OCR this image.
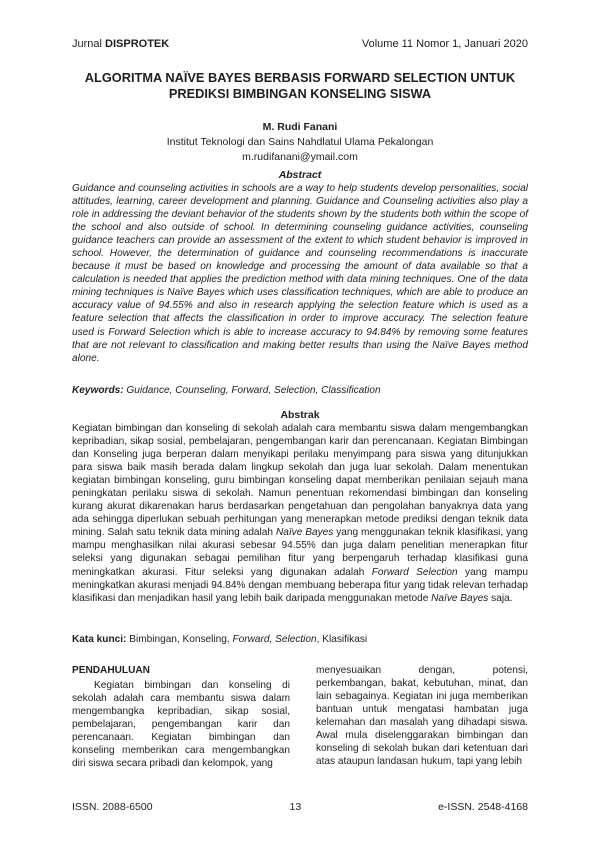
Jurnal DISPROTEK	Volume 11 Nomor 1, Januari 2020
ALGORITMA NAÏVE BAYES BERBASIS FORWARD SELECTION UNTUK
PREDIKSI BIMBINGAN KONSELING SISWA
M. Rudi Fanani
Institut Teknologi dan Sains Nahdlatul Ulama Pekalongan
m.rudifanani@ymail.com
Abstract

Guidance and counseling activities in schools are a way to help students develop personalities, social attitudes, learning, career development and planning. Guidance and Counseling activities also play a role in addressing the deviant behavior of the students shown by the students both within the scope of the school and also outside of school. In determining counseling guidance activities, counseling guidance teachers can provide an assessment of the extent to which student behavior is improved in school. However, the determination of guidance and counseling recommendations is inaccurate because it must be based on knowledge and processing the amount of data available so that a calculation is needed that applies the prediction method with data mining techniques. One of the data mining techniques is Naïve Bayes which uses classification techniques, which are able to produce an accuracy value of 94.55% and also in research applying the selection feature which is used as a feature selection that affects the classification in order to improve accuracy. The selection feature used is Forward Selection which is able to increase accuracy to 94.84% by removing some features that are not relevant to classification and making better results than using the Naïve Bayes method alone.

Keywords: Guidance, Counseling, Forward, Selection, Classification

Abstrak

Kegiatan bimbingan dan konseling di sekolah adalah cara membantu siswa dalam mengembangkan kepribadian, sikap sosial, pembelajaran, pengembangan karir dan perencanaan. Kegiatan Bimbingan dan Konseling juga berperan dalam menyikapi perilaku menyimpang para siswa yang ditunjukkan para siswa baik masih berada dalam lingkup sekolah dan juga luar sekolah. Dalam menentukan kegiatan bimbingan konseling, guru bimbingan konseling dapat memberikan penilaian sejauh mana peningkatan perilaku siswa di sekolah. Namun penentuan rekomendasi bimbingan dan konseling kurang akurat dikarenakan harus berdasarkan pengetahuan dan pengolahan banyaknya data yang ada sehingga diperlukan sebuah perhitungan yang menerapkan metode prediksi dengan teknik data mining. Salah satu teknik data mining adalah Naïve Bayes yang menggunakan teknik klasifikasi, yang mampu menghasilkan nilai akurasi sebesar 94.55% dan juga dalam penelitian menerapkan fitur seleksi yang digunakan sebagai pemilihan fitur yang berpengaruh terhadap klasifikasi guna meningkatkan akurasi. Fitur seleksi yang digunakan adalah Forward Selection yang mampu meningkatkan akurasi menjadi 94.84% dengan membuang beberapa fitur yang tidak relevan terhadap klasifikasi dan menjadikan hasil yang lebih baik daripada menggunakan metode Naïve Bayes saja.

Kata kunci: Bimbingan, Konseling, Forward, Selection, Klasifikasi

PENDAHULUAN

Kegiatan bimbingan dan konseling di sekolah adalah cara membantu siswa dalam mengembangka kepribadian, sikap sosial, pembelajaran, pengembangan karir dan perencanaan. Kegiatan bimbingan dan konseling memberikan cara mengembangkan diri siswa secara pribadi dan kelompok, yang

menyesuaikan dengan, potensi, perkembangan, bakat, kebutuhan, minat, dan lain sebagainya. Kegiatan ini juga memberikan bantuan untuk mengatasi hambatan juga kelemahan dan masalah yang dihadapi siswa. Awal mula diselenggarakan bimbingan dan konseling di sekolah bukan dari ketentuan dari atas ataupun landasan hukum, tapi yang lebih

ISSN. 2088-6500	13	e-ISSN. 2548-4168
